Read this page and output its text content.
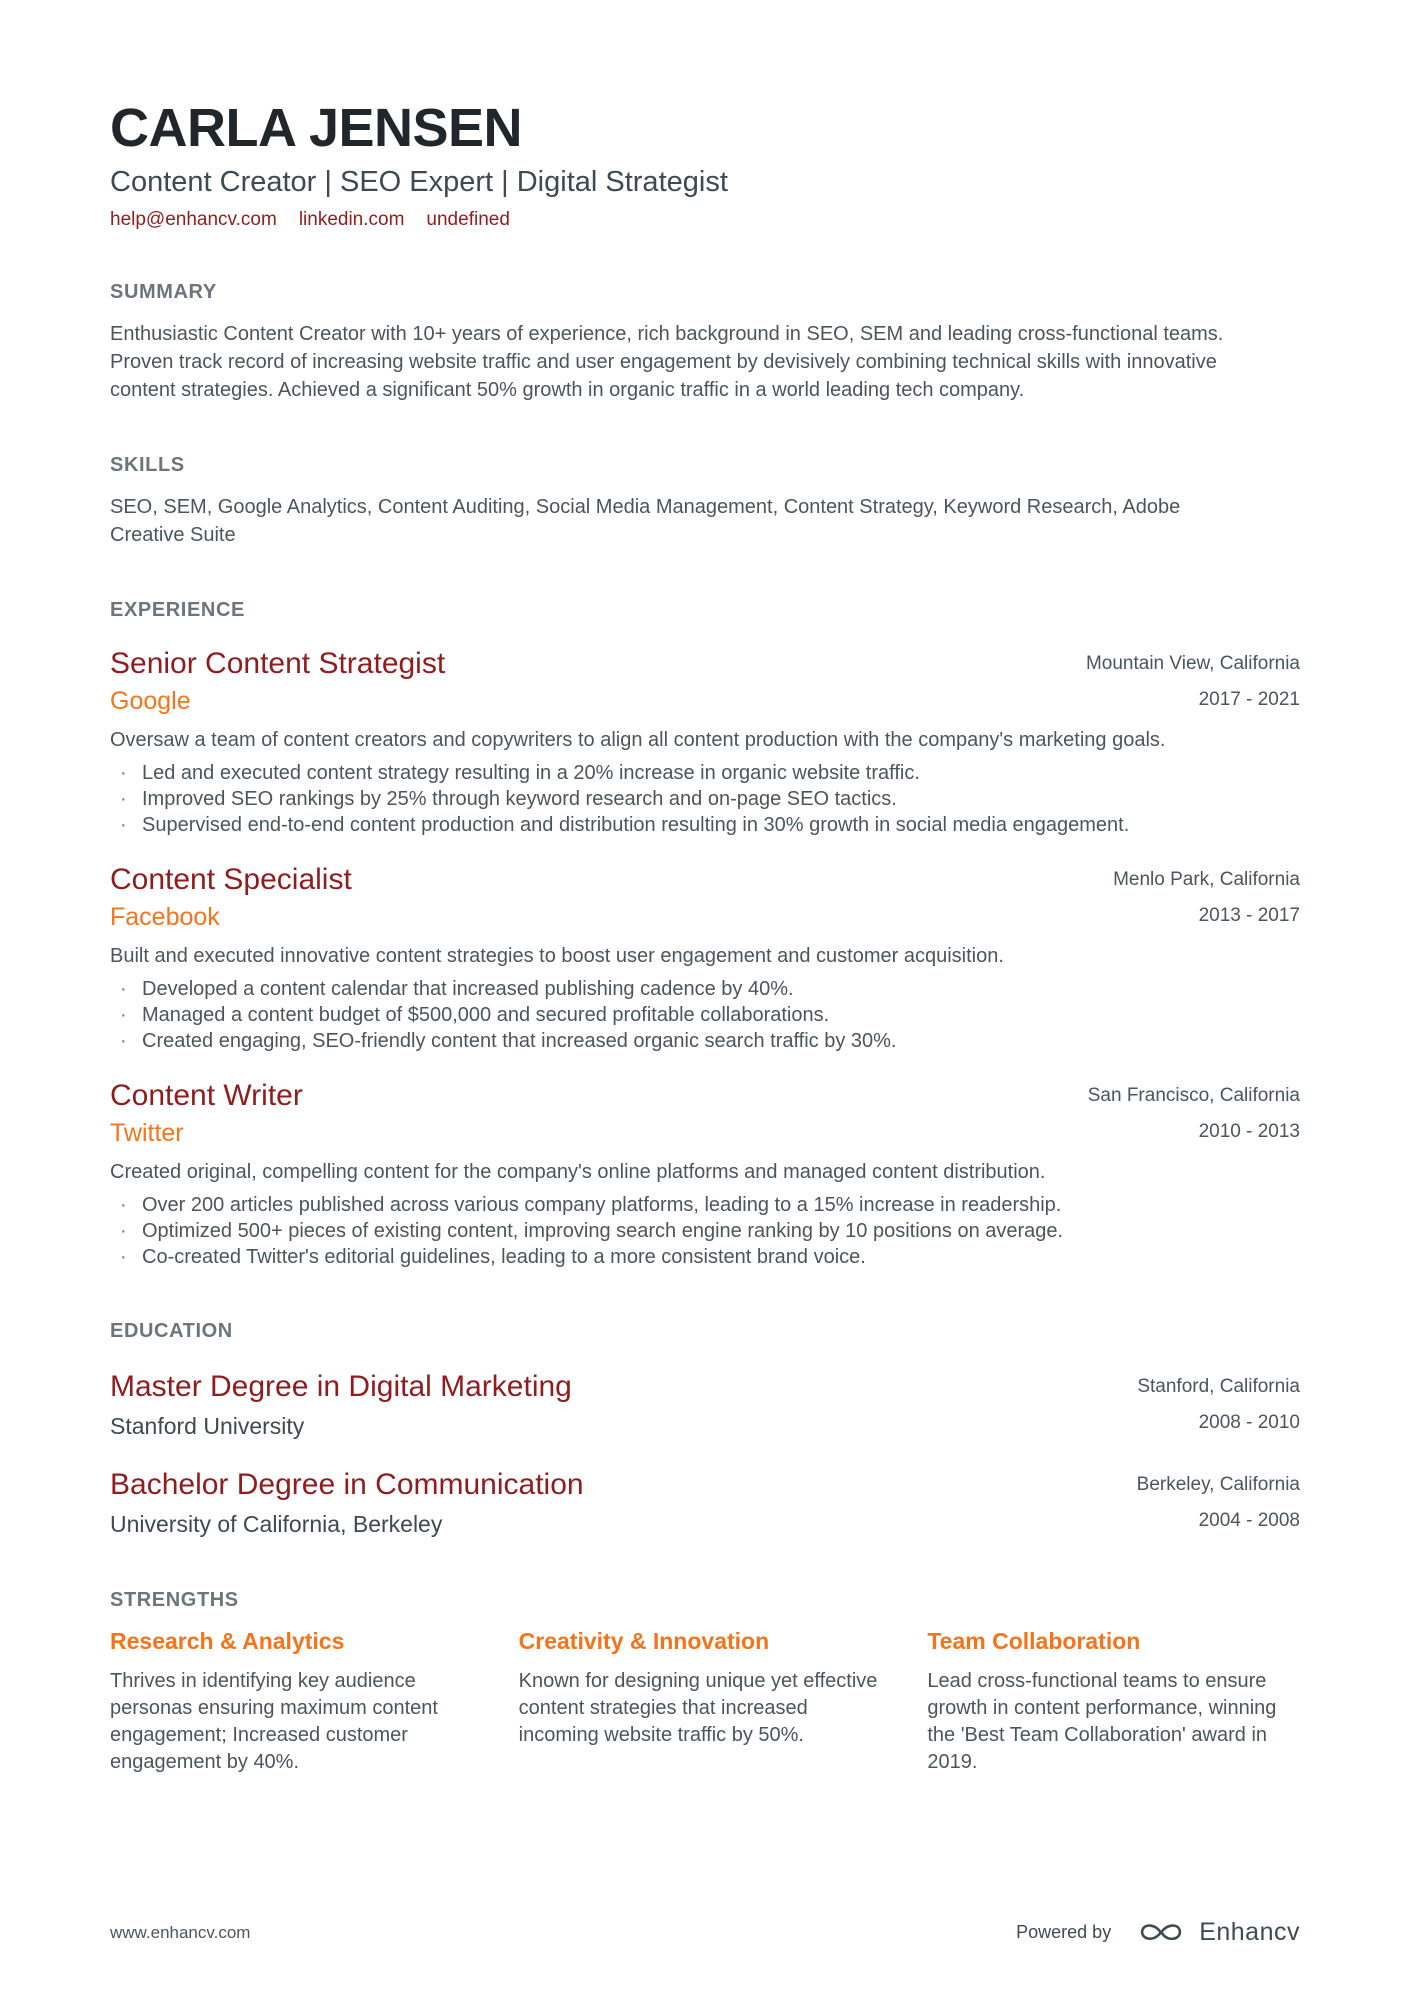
CARLA JENSEN
Content Creator | SEO Expert | Digital Strategist
help@enhancv.com linkedin.com undefined
SUMMARY

Enthusiastic Content Creator with 10+ years of experience, rich background in SEO, SEM and leading cross-functional teams. Proven track record of increasing website traffic and user engagement by devisively combining technical skills with innovative content strategies. Achieved a significant 50% growth in organic traffic in a world leading tech company.

SKILLS

SEO, SEM, Google Analytics, Content Auditing, Social Media Management, Content Strategy, Keyword Research, Adobe Creative Suite

EXPERIENCE
Senior Content Strategist
Google
Mountain View, California
2017 - 2021

Oversaw a team of content creators and copywriters to align all content production with the company's marketing goals.

· Led and executed content strategy resulting in a 20% increase in organic website traffic.
· Improved SEO rankings by 25% through keyword research and on-page SEO tactics.
· Supervised end-to-end content production and distribution resulting in 30% growth in social media engagement.
Content Specialist
Facebook
Menlo Park, California
2013 - 2017

Built and executed innovative content strategies to boost user engagement and customer acquisition.

· Developed a content calendar that increased publishing cadence by 40%.
· Managed a content budget of $500,000 and secured profitable collaborations.
· Created engaging, SEO-friendly content that increased organic search traffic by 30%.
Content Writer
Twitter
San Francisco, California
2010 - 2013

Created original, compelling content for the company's online platforms and managed content distribution.

· Over 200 articles published across various company platforms, leading to a 15% increase in readership.
· Optimized 500+ pieces of existing content, improving search engine ranking by 10 positions on average.
· Co-created Twitter's editorial guidelines, leading to a more consistent brand voice.
EDUCATION
Master Degree in Digital Marketing
Stanford University
Stanford, California
2008 - 2010
Bachelor Degree in Communication
University of California, Berkeley
Berkeley, California
2004 - 2008
STRENGTHS
Research & Analytics

Thrives in identifying key audience personas ensuring maximum content engagement; Increased customer engagement by 40%.

Creativity & Innovation

Known for designing unique yet effective content strategies that increased incoming website traffic by 50%.

Team Collaboration

Lead cross-functional teams to ensure growth in content performance, winning the 'Best Team Collaboration' award in 2019.

www.enhancv.com	Powered by	Enhancv
